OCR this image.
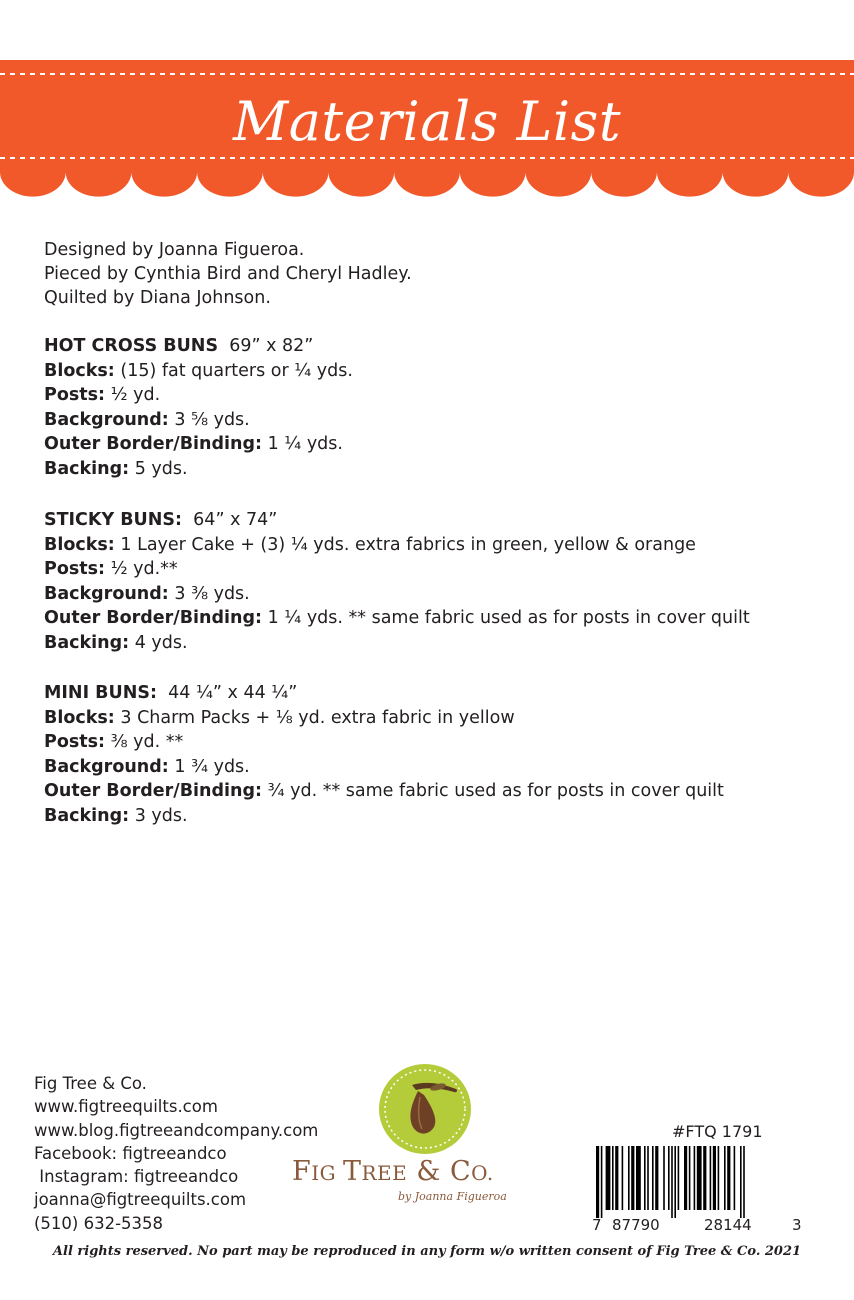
Materials List
Designed by Joanna Figueroa.
Pieced by Cynthia Bird and Cheryl Hadley.
Quilted by Diana Johnson.
HOT CROSS BUNS 69” x 82”
Blocks: (15) fat quarters or ¼ yds.
Posts: ½ yd.
Background: 3 ⅝ yds.
Outer Border/Binding: 1 ¼ yds.
Backing: 5 yds.
STICKY BUNS: 64” x 74”
Blocks: 1 Layer Cake + (3) ¼ yds. extra fabrics in green, yellow & orange
Posts: ½ yd.**
Background: 3 ⅜ yds.
Outer Border/Binding: 1 ¼ yds. ** same fabric used as for posts in cover quilt
Backing: 4 yds.
MINI BUNS: 44 ¼” x 44 ¼”
Blocks: 3 Charm Packs + ⅛ yd. extra fabric in yellow
Posts: ⅜ yd. **
Background: 1 ¾ yds.
Outer Border/Binding: ¾ yd. ** same fabric used as for posts in cover quilt
Backing: 3 yds.
Fig Tree & Co.
www.figtreequilts.com
www.blog.figtreeandcompany.com
Facebook: figtreeandco
Instagram: figtreeandco
joanna@figtreequilts.com
(510) 632-5358
FIG TREE & CO.
by Joanna Figueroa
#FTQ 1791
7 87790	28144	3
All rights reserved. No part may be reproduced in any form w/o written consent of Fig Tree & Co. 2021
